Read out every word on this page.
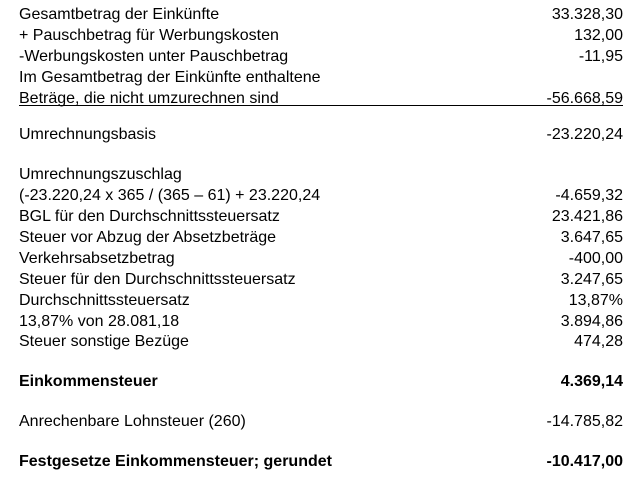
Gesamtbetrag der Einkünfte	33.328,30
+ Pauschbetrag für Werbungskosten	132,00
-Werbungskosten unter Pauschbetrag	-11,95
Im Gesamtbetrag der Einkünfte enthaltene
Beträge, die nicht umzurechnen sind	-56.668,59
Umrechnungsbasis	-23.220,24
Umrechnungszuschlag
(-23.220,24 x 365 / (365 – 61) + 23.220,24	-4.659,32
BGL für den Durchschnittssteuersatz	23.421,86
Steuer vor Abzug der Absetzbeträge	3.647,65
Verkehrsabsetzbetrag	-400,00
Steuer für den Durchschnittssteuersatz	3.247,65
Durchschnittssteuersatz	13,87%
13,87% von 28.081,18	3.894,86
Steuer sonstige Bezüge	474,28
Einkommensteuer	4.369,14
Anrechenbare Lohnsteuer (260)	-14.785,82
Festgesetze Einkommensteuer; gerundet	-10.417,00
